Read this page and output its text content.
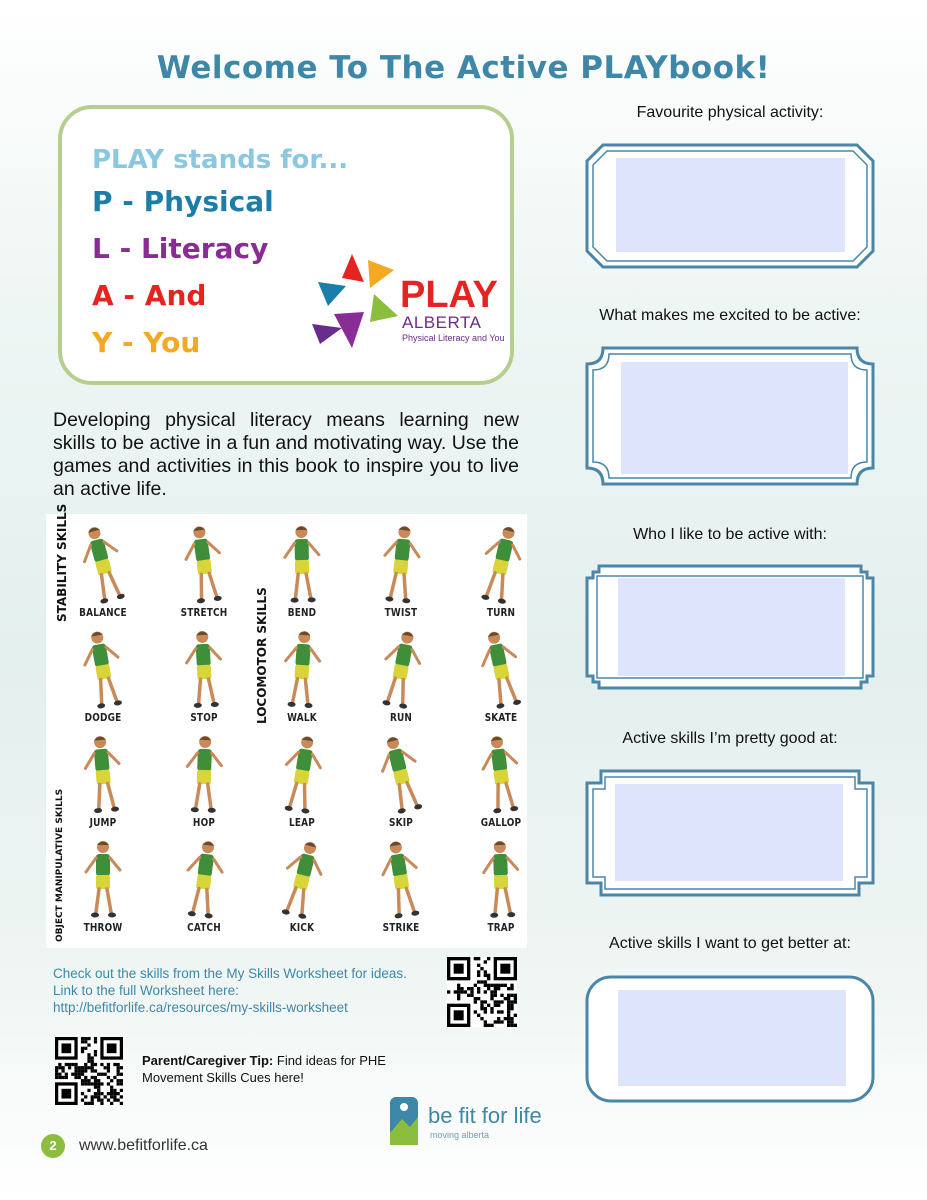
Welcome To The Active PLAYbook!
PLAY stands for...
P - Physical
L - Literacy
A - And
Y - You
PLAY
ALBERTA
Physical Literacy and You
Developing physical literacy means learning new skills to be active in a fun and motivating way. Use the games and activities in this book to inspire you to live an active life.
STABILITY SKILLS
LOCOMOTOR SKILLS
OBJECT MANIPULATIVE SKILLS
BALANCE	STRETCH	BEND	TWIST	TURN
DODGE	STOP	WALK	RUN	SKATE
JUMP	HOP	LEAP	SKIP	GALLOP
THROW	CATCH	KICK	STRIKE	TRAP
Check out the skills from the My Skills Worksheet for ideas. Link to the full Worksheet here:
http://befitforlife.ca/resources/my-skills-worksheet
Parent/Caregiver Tip: Find ideas for PHE Movement Skills Cues here!
be fit for life
moving alberta
2	www.befitforlife.ca
Favourite physical activity:
What makes me excited to be active:
Who I like to be active with:
Active skills I’m pretty good at:
Active skills I want to get better at:
